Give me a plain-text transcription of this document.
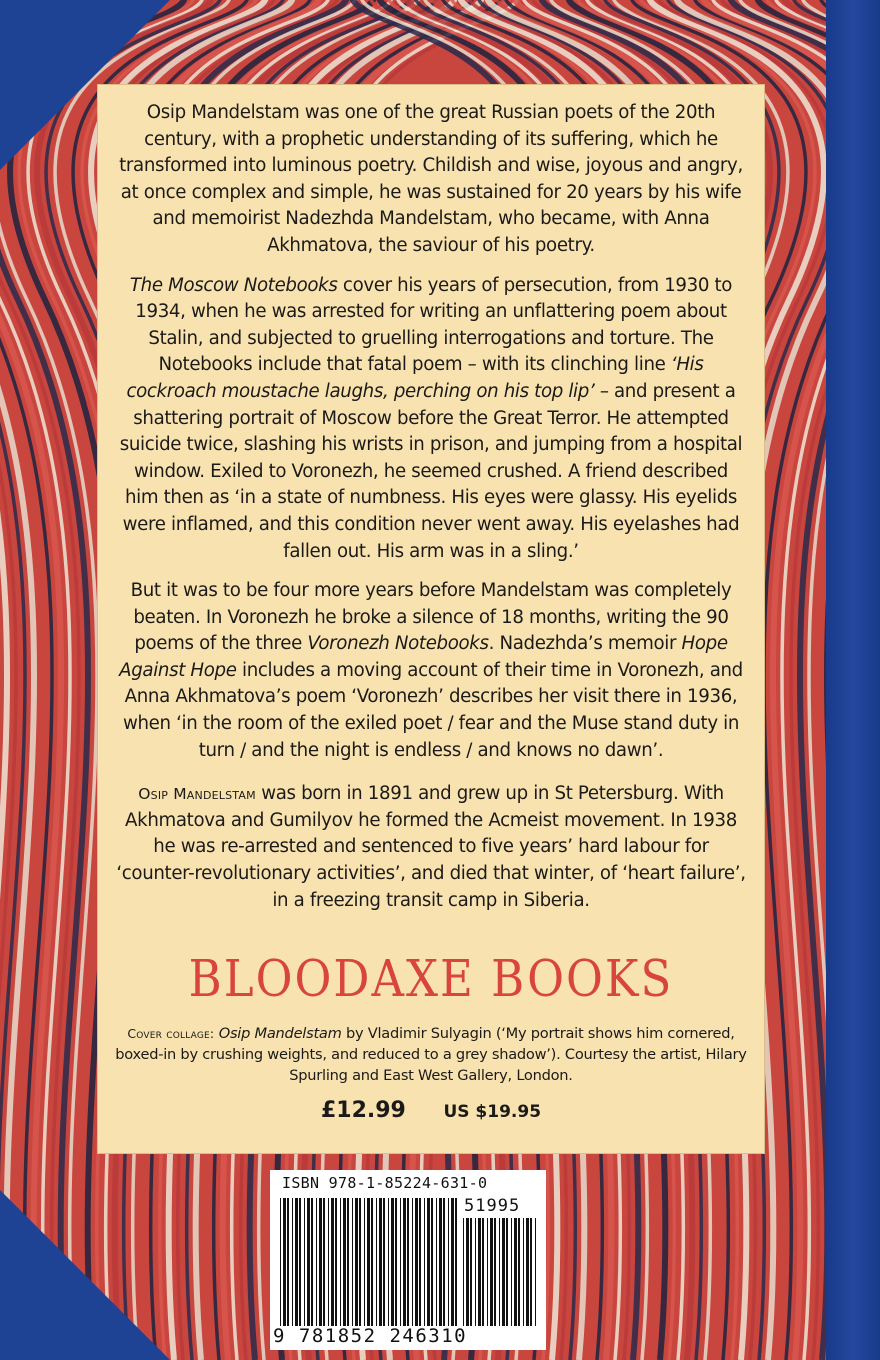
Osip Mandelstam was one of the great Russian poets of the 20th century, with a prophetic understanding of its suffering, which he transformed into luminous poetry. Childish and wise, joyous and angry, at once complex and simple, he was sustained for 20 years by his wife and memoirist Nadezhda Mandelstam, who became, with Anna Akhmatova, the saviour of his poetry.

The Moscow Notebooks cover his years of persecution, from 1930 to 1934, when he was arrested for writing an unflattering poem about Stalin, and subjected to gruelling interrogations and torture. The Notebooks include that fatal poem – with its clinching line ‘His cockroach moustache laughs, perching on his top lip’ – and present a shattering portrait of Moscow before the Great Terror. He attempted suicide twice, slashing his wrists in prison, and jumping from a hospital window. Exiled to Voronezh, he seemed crushed. A friend described him then as ‘in a state of numbness. His eyes were glassy. His eyelids were inflamed, and this condition never went away. His eyelashes had fallen out. His arm was in a sling.’

But it was to be four more years before Mandelstam was completely beaten. In Voronezh he broke a silence of 18 months, writing the 90 poems of the three Voronezh Notebooks. Nadezhda’s memoir Hope Against Hope includes a moving account of their time in Voronezh, and Anna Akhmatova’s poem ‘Voronezh’ describes her visit there in 1936, when ‘in the room of the exiled poet / fear and the Muse stand duty in turn / and the night is endless / and knows no dawn’.

Osip Mandelstam was born in 1891 and grew up in St Petersburg. With Akhmatova and Gumilyov he formed the Acmeist movement. In 1938 he was re-arrested and sentenced to five years’ hard labour for ‘counter-revolutionary activities’, and died that winter, of ‘heart failure’, in a freezing transit camp in Siberia.

BLOODAXE BOOKS
Cover collage: Osip Mandelstam by Vladimir Sulyagin (‘My portrait shows him cornered, boxed-in by crushing weights, and reduced to a grey shadow’). Courtesy the artist, Hilary Spurling and East West Gallery, London.
£12.99 US $19.95
ISBN 978-1-85224-631-0
51995
9 781852 246310
